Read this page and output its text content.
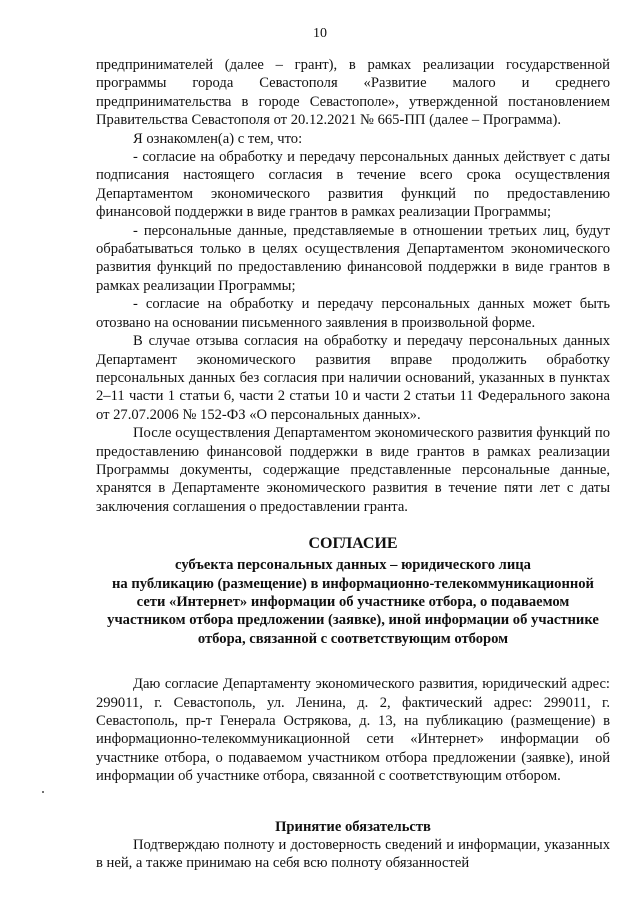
10

предпринимателей (далее – грант), в рамках реализации государственной программы города Севастополя «Развитие малого и среднего предпринимательства в городе Севастополе», утвержденной постановлением Правительства Севастополя от 20.12.2021 № 665-ПП (далее – Программа).

Я ознакомлен(а) с тем, что:

- согласие на обработку и передачу персональных данных действует с даты подписания настоящего согласия в течение всего срока осуществления Департаментом экономического развития функций по предоставлению финансовой поддержки в виде грантов в рамках реализации Программы;

- персональные данные, представляемые в отношении третьих лиц, будут обрабатываться только в целях осуществления Департаментом экономического развития функций по предоставлению финансовой поддержки в виде грантов в рамках реализации Программы;

- согласие на обработку и передачу персональных данных может быть отозвано на основании письменного заявления в произвольной форме.

В случае отзыва согласия на обработку и передачу персональных данных Департамент экономического развития вправе продолжить обработку персональных данных без согласия при наличии оснований, указанных в пунктах 2–11 части 1 статьи 6, части 2 статьи 10 и части 2 статьи 11 Федерального закона от 27.07.2006 № 152-ФЗ «О персональных данных».

После осуществления Департаментом экономического развития функций по предоставлению финансовой поддержки в виде грантов в рамках реализации Программы документы, содержащие представленные персональные данные, хранятся в Департаменте экономического развития в течение пяти лет с даты заключения соглашения о предоставлении гранта.

СОГЛАСИЕ
субъекта персональных данных – юридического лица
на публикацию (размещение) в информационно-телекоммуникационной
сети «Интернет» информации об участнике отбора, о подаваемом
участником отбора предложении (заявке), иной информации об участнике
отбора, связанной с соответствующим отбором

Даю согласие Департаменту экономического развития, юридический адрес: 299011, г. Севастополь, ул. Ленина, д. 2, фактический адрес: 299011, г. Севастополь, пр-т Генерала Острякова, д. 13, на публикацию (размещение) в информационно-телекоммуникационной сети «Интернет» информации об участнике отбора, о подаваемом участником отбора предложении (заявке), иной информации об участнике отбора, связанной с соответствующим отбором.

Принятие обязательств

Подтверждаю полноту и достоверность сведений и информации, указанных в ней, а также принимаю на себя всю полноту обязанностей
